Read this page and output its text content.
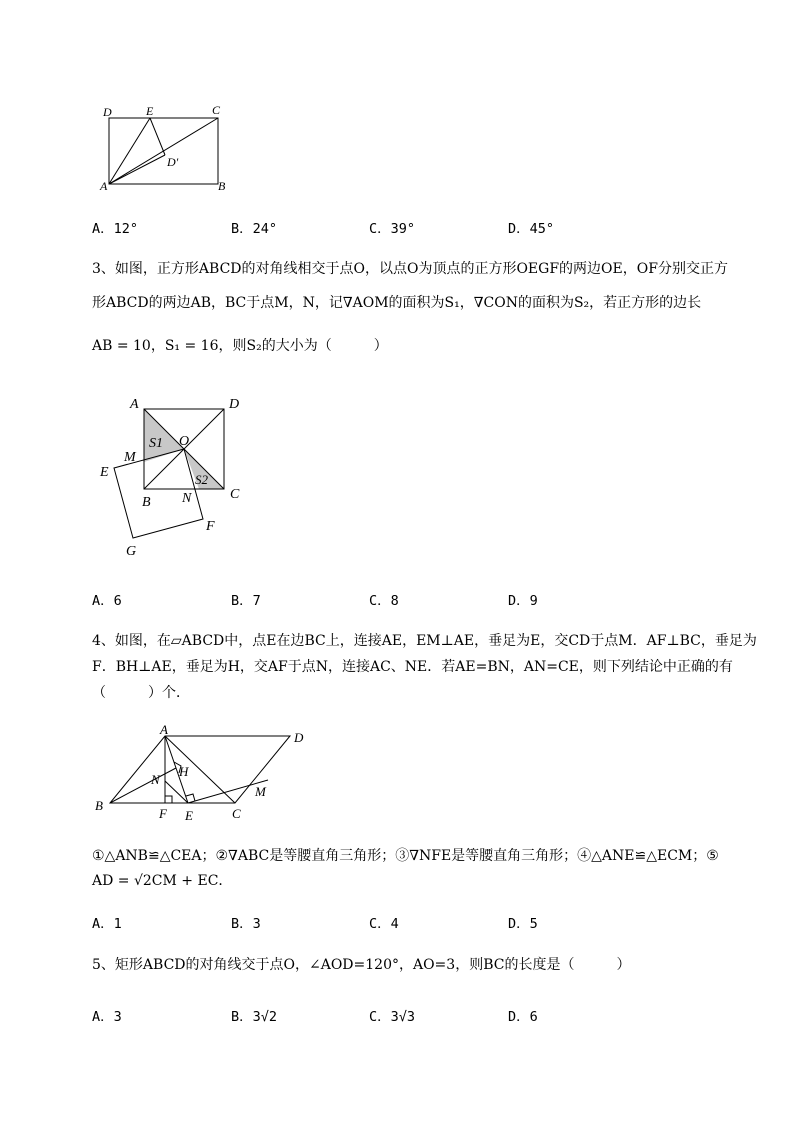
D	E	C
D′
A	B
A．12°	B．24°	C．39°	D．45°
3、如图，正方形ABCD的对角线相交于点O，以点O为顶点的正方形OEGF的两边OE，OF分别交正方
形ABCD的两边AB，BC于点M，N，记∇AOM的面积为S₁，∇CON的面积为S₂，若正方形的边长
AB = 10，S₁ = 16，则S₂的大小为（　　　）
A	D
S1 O
M
E	S2
C
B N
F
G
A．6	B．7	C．8	D．9
4、如图，在▱ABCD中，点E在边BC上，连接AE，EM⊥AE，垂足为E，交CD于点M．AF⊥BC，垂足为
F．BH⊥AE，垂足为H，交AF于点N，连接AC、NE．若AE=BN，AN=CE，则下列结论中正确的有
（　　　）个．
A
D
H
N
M
B
F E	C
①△ANB≌△CEA；②∇ABC是等腰直角三角形；③∇NFE是等腰直角三角形；④△ANE≌△ECM；⑤
AD = √2CM + EC．
A．1	B．3	C．4	D．5
5、矩形ABCD的对角线交于点O，∠AOD=120°，AO=3，则BC的长度是（　　　）
A．3	B．3√2	C．3√3	D．6
